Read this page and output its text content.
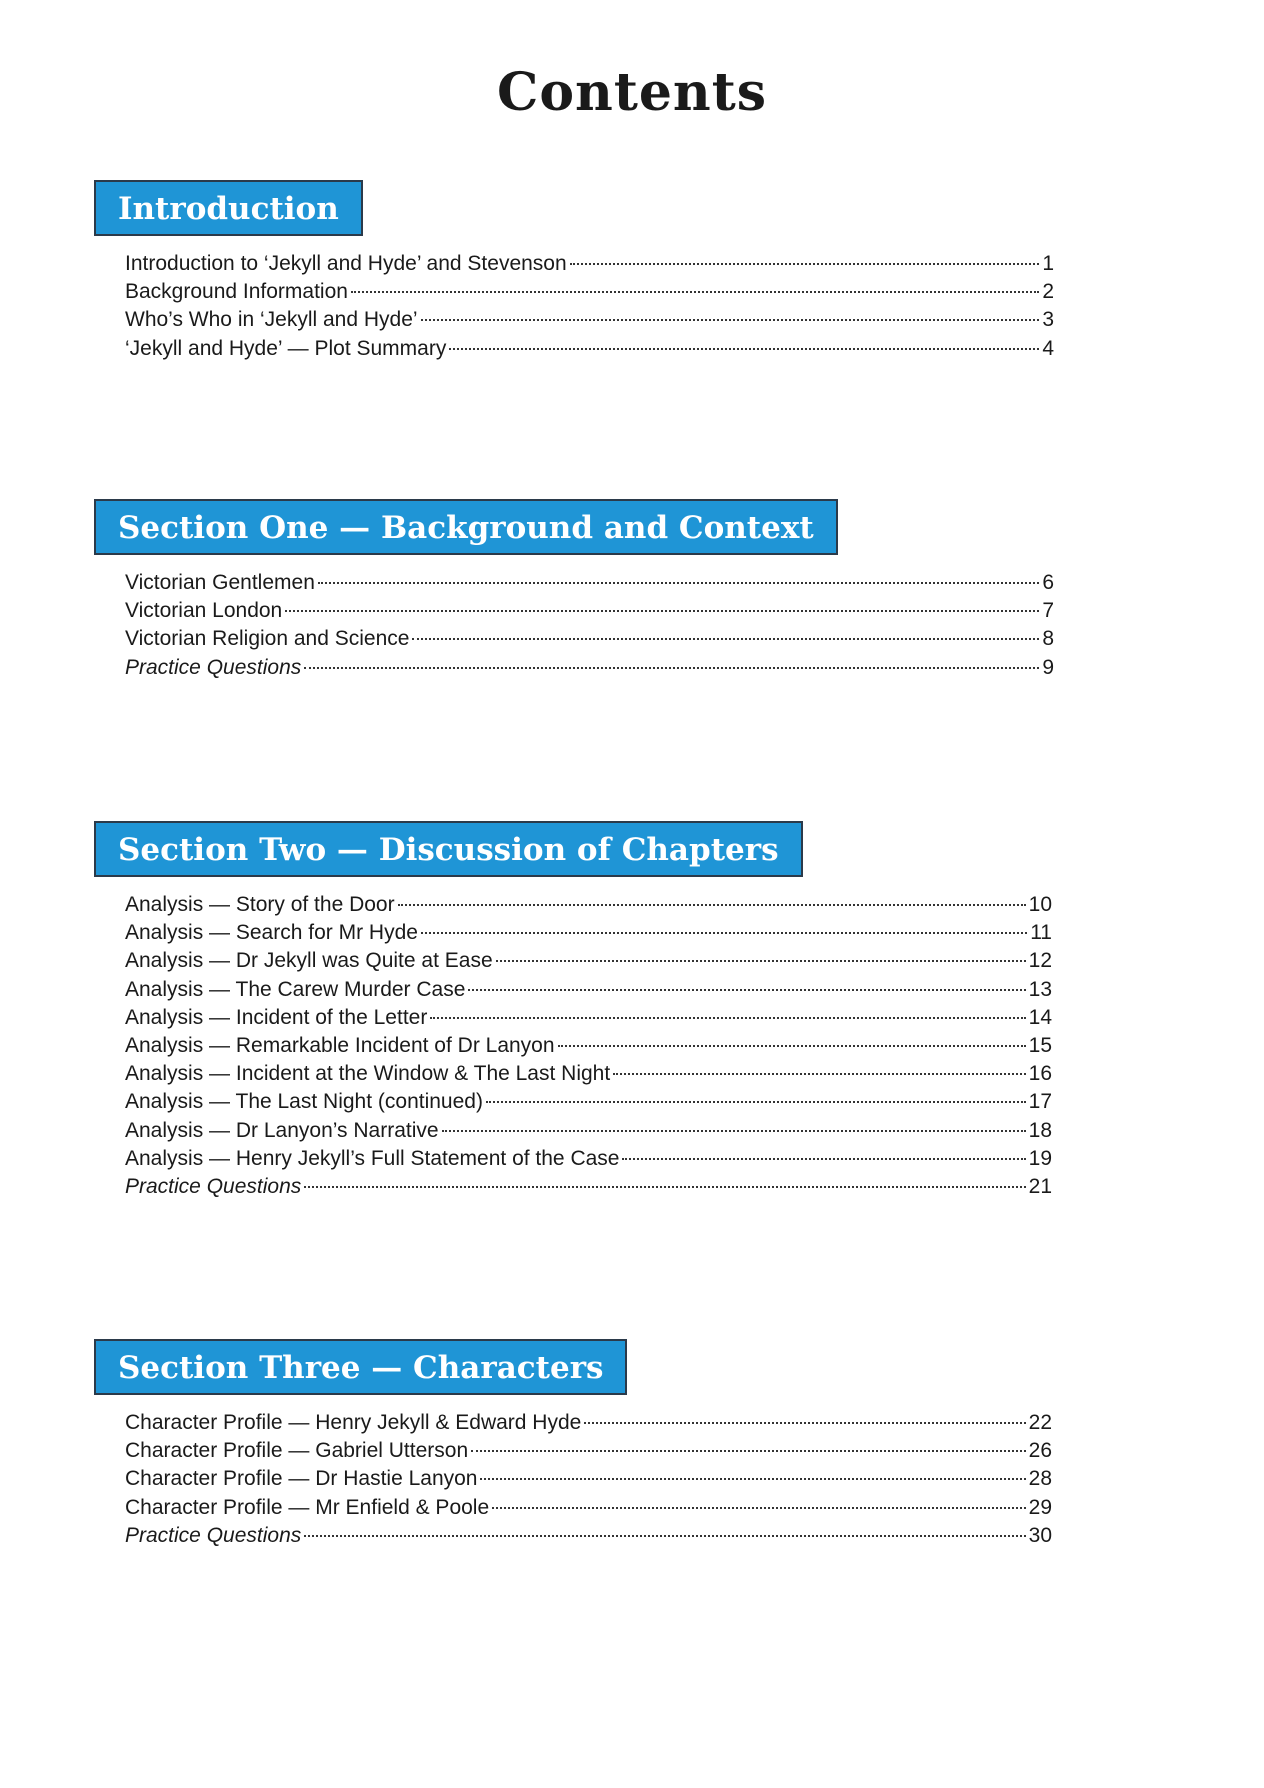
Contents
Introduction
Introduction to ‘Jekyll and Hyde’ and Stevenson	1
Background Information	2
Who’s Who in ‘Jekyll and Hyde’	3
‘Jekyll and Hyde’ — Plot Summary	4
Section One — Background and Context
Victorian Gentlemen	6
Victorian London	7
Victorian Religion and Science	8
Practice Questions	9
Section Two — Discussion of Chapters
Analysis — Story of the Door	10
Analysis — Search for Mr Hyde	11
Analysis — Dr Jekyll was Quite at Ease	12
Analysis — The Carew Murder Case	13
Analysis — Incident of the Letter	14
Analysis — Remarkable Incident of Dr Lanyon	15
Analysis — Incident at the Window & The Last Night	16
Analysis — The Last Night (continued)	17
Analysis — Dr Lanyon’s Narrative	18
Analysis — Henry Jekyll’s Full Statement of the Case	19
Practice Questions	21
Section Three — Characters
Character Profile — Henry Jekyll & Edward Hyde	22
Character Profile — Gabriel Utterson	26
Character Profile — Dr Hastie Lanyon	28
Character Profile — Mr Enfield & Poole	29
Practice Questions	30
